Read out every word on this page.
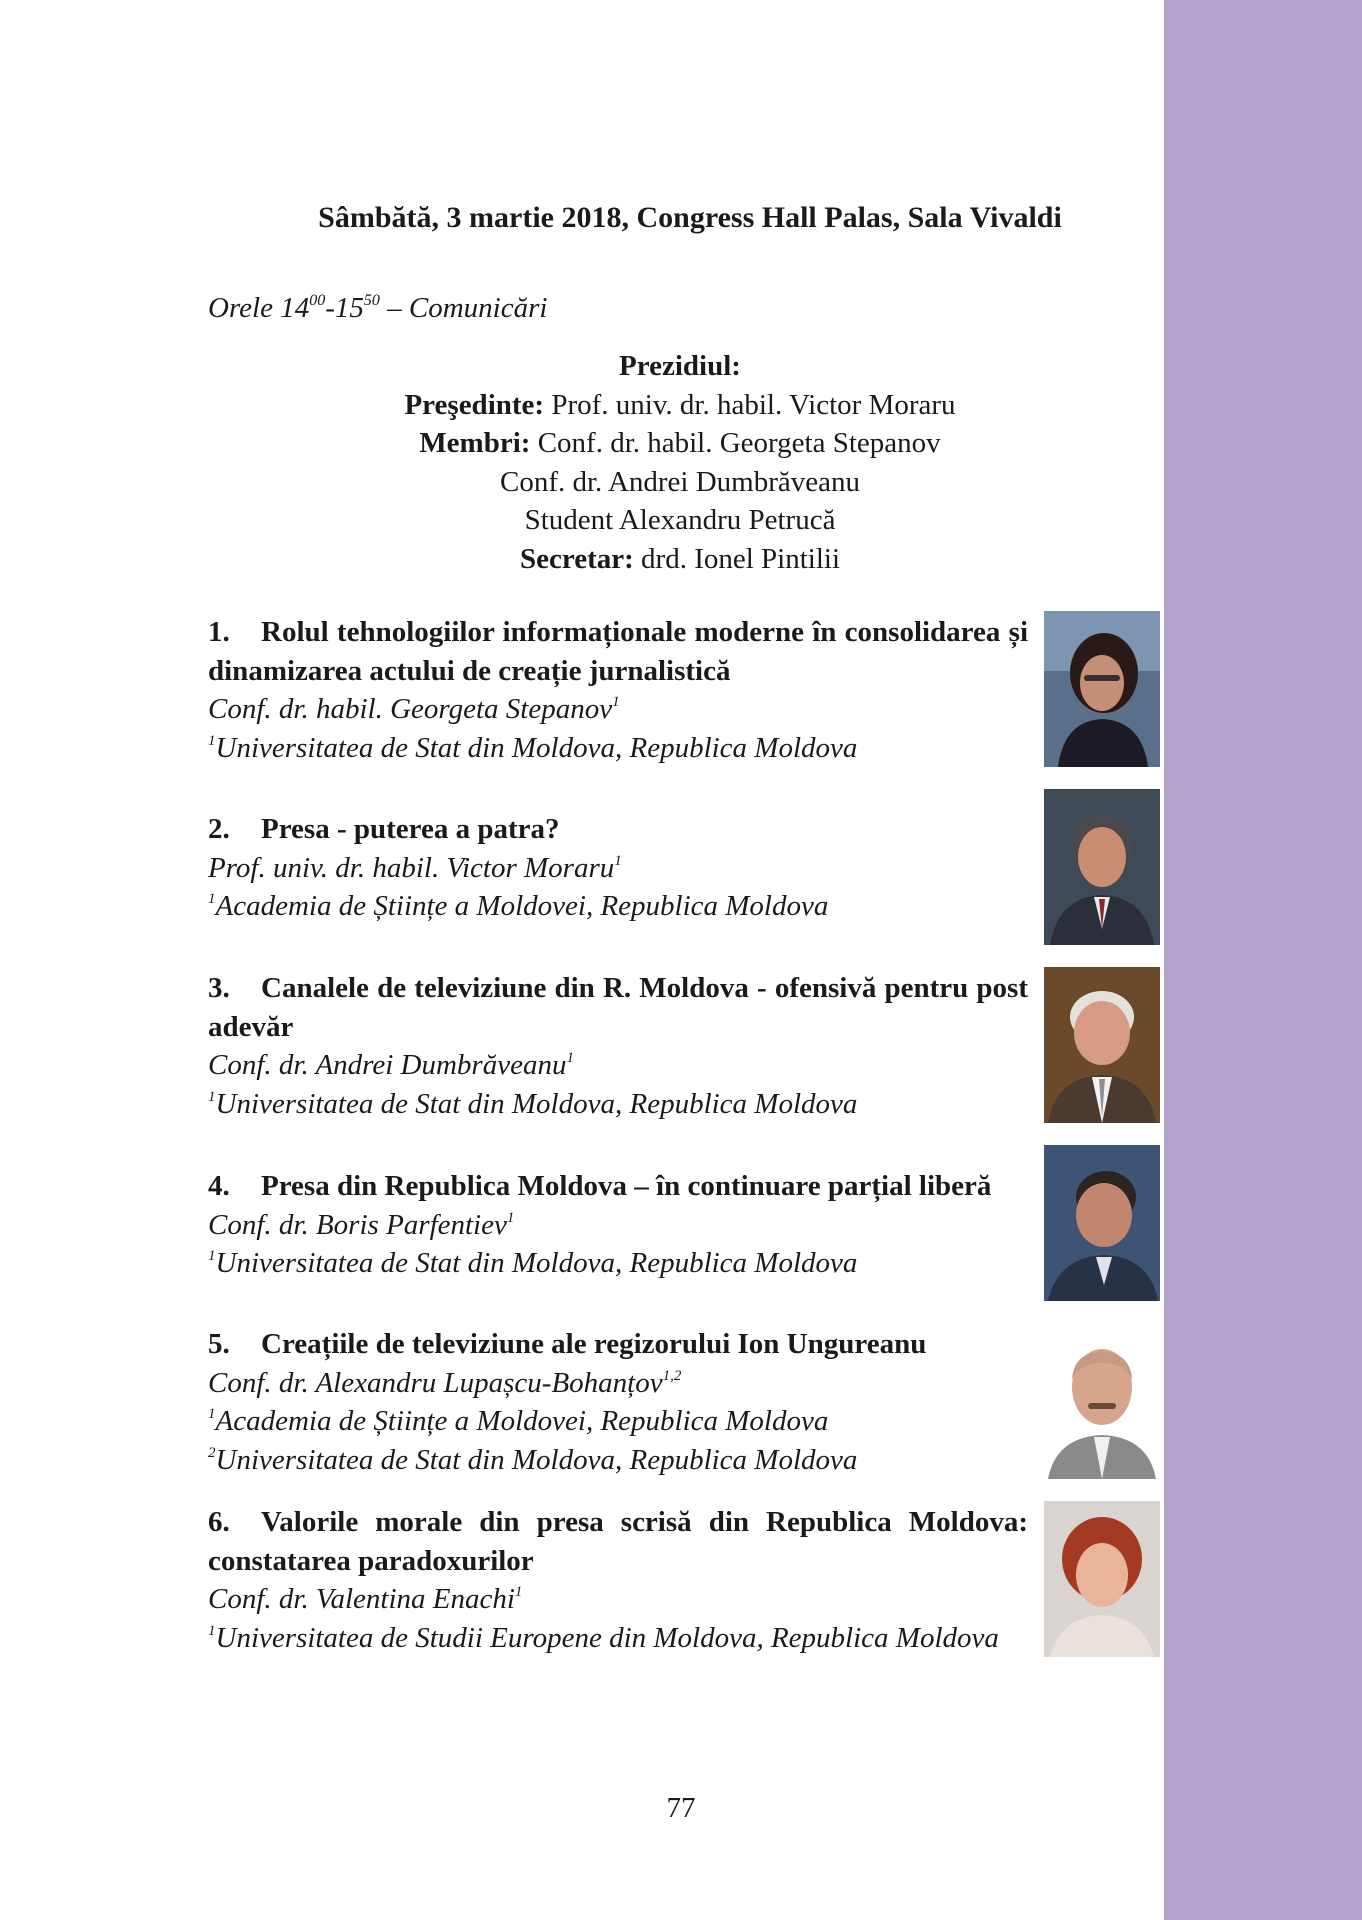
Sâmbătă, 3 martie 2018, Congress Hall Palas, Sala Vivaldi
Orele $14^{00}-15^{50}$ – Comunicări
Prezidiul:
Preşedinte: Prof. univ. dr. habil. Victor Moraru
Membri: Conf. dr. habil. Georgeta Stepanov
Conf. dr. Andrei Dumbrăveanu
Student Alexandru Petrucă
Secretar: drd. Ionel Pintilii
1. Rolul tehnologiilor informaționale moderne în consolidarea și dinamizarea actului de creație jurnalistică
Conf. dr. habil. Georgeta Stepanov$^1$
$^1$Universitatea de Stat din Moldova, Republica Moldova
2. Presa - puterea a patra?
Prof. univ. dr. habil. Victor Moraru$^1$
$^1$Academia de Științe a Moldovei, Republica Moldova
3. Canalele de televiziune din R. Moldova - ofensivă pentru post adevăr
Conf. dr. Andrei Dumbrăveanu$^1$
$^1$Universitatea de Stat din Moldova, Republica Moldova
4. Presa din Republica Moldova – în continuare parțial liberă
Conf. dr. Boris Parfentiev$^1$
$^1$Universitatea de Stat din Moldova, Republica Moldova
5. Creațiile de televiziune ale regizorului Ion Ungureanu
Conf. dr. Alexandru Lupașcu-Bohanțov$^{1,2}$
$^1$Academia de Științe a Moldovei, Republica Moldova
$^2$Universitatea de Stat din Moldova, Republica Moldova
6. Valorile morale din presa scrisă din Republica Moldova: constatarea paradoxurilor
Conf. dr. Valentina Enachi$^1$
$^1$Universitatea de Studii Europene din Moldova, Republica Moldova
77
